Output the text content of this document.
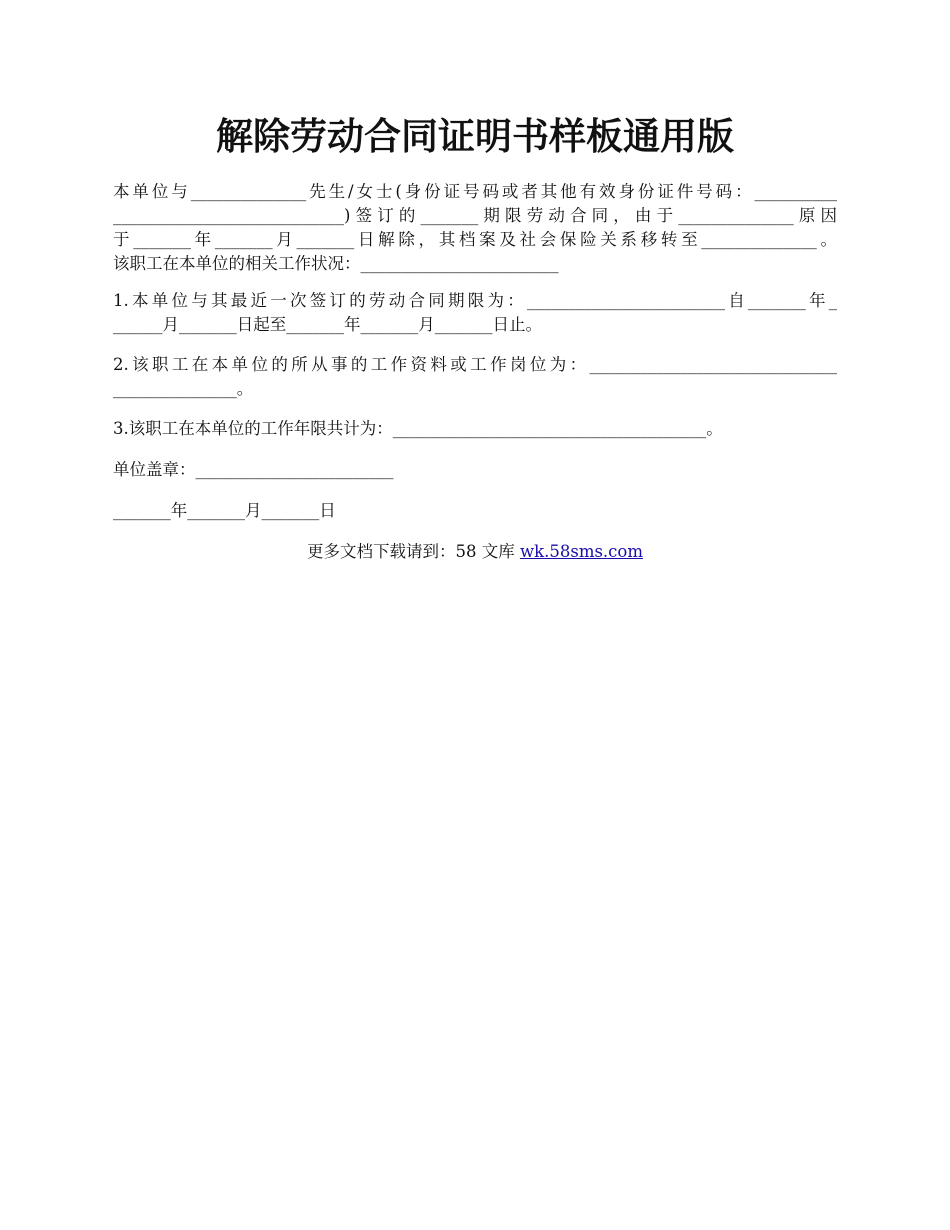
解除劳动合同证明书样板通用版
本单位与______________先生/女士(身份证号码或者其他有效身份证件号码：__________
____________________________)签订的_______期限劳动合同，由于______________原因
于_______年_______月_______日解除，其档案及社会保险关系移转至______________。
该职工在本单位的相关工作状况：________________________
1.本单位与其最近一次签订的劳动合同期限为：________________________自_______年_
______月_______日起至_______年_______月_______日止。
2.该职工在本单位的所从事的工作资料或工作岗位为：______________________________
_______________。
3.该职工在本单位的工作年限共计为：______________________________________。
单位盖章：________________________
_______年_______月_______日
更多文档下载请到：58 文库 wk.58sms.com
